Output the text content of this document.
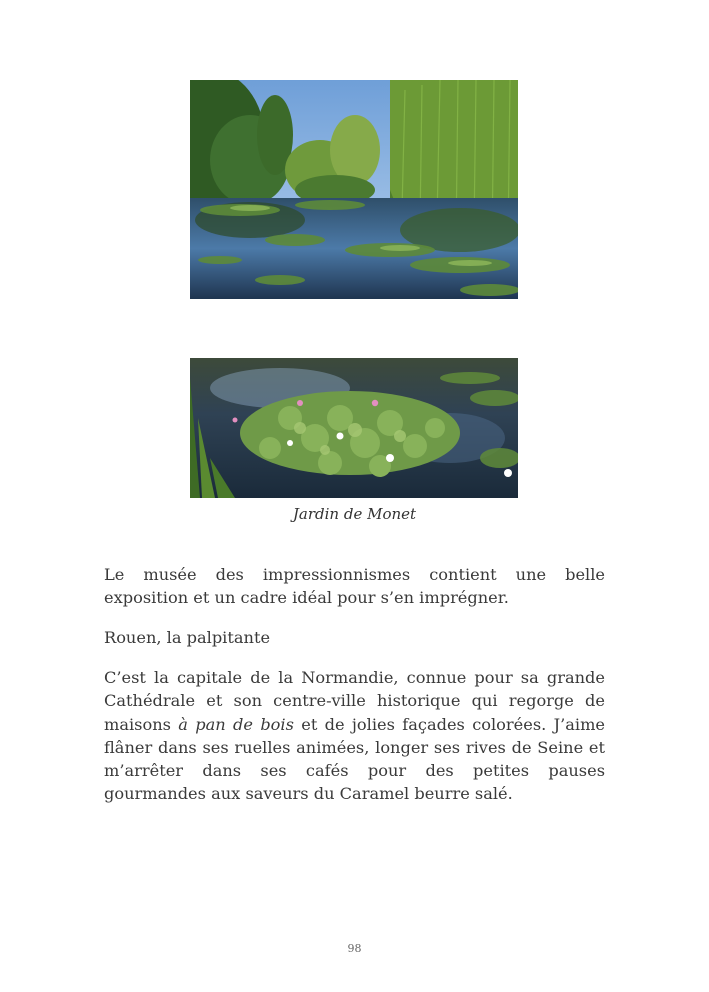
Jardin de Monet

Le musée des impressionnismes contient une belle exposition et un cadre idéal pour s’en imprégner.

Rouen, la palpitante

C’est la capitale de la Normandie, connue pour sa grande Cathédrale et son centre-ville historique qui regorge de maisons à pan de bois et de jolies façades colorées. J’aime flâner dans ses ruelles animées, longer ses rives de Seine et m’arrêter dans ses cafés pour des petites pauses gourmandes aux saveurs du Caramel beurre salé.

98
